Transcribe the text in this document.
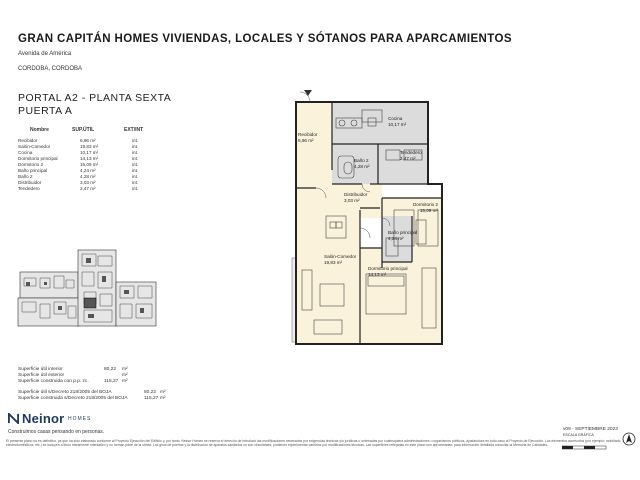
GRAN CAPITÁN HOMES VIVIENDAS, LOCALES Y SÓTANOS PARA APARCAMIENTOS
Avenida de América
CORDOBA, CORDOBA
PORTAL A2 - PLANTA SEXTA
PUERTA A
Nombre	SUP.ÚTIL	EXT/INT
Recibidor	6,96 m²	int.
Salón-Comedor	19,83 m²	int.
Cocina	10,17 m²	int.
Dormitorio principal	14,13 m²	int.
Dormitorio 2	15,09 m²	int.
Baño principal	4,24 m²	int.
Baño 2	4,28 m²	int.
Distribuidor	3,03 m²	int.
Tendedero	2,47 m²	int.
Superficie útil interior	80,22 m²
Superficie útil exterior	m²
Superficie construida con p.p. zc.	115,27 m²
Superficie útil s/Decreto 218/2005 del BOJA	80,22 m²
Superficie construida s/Decreto 218/2005 del BOJA	115,27 m²
Neinor HOMES
Construimos casas pensando en personas.
Recibidor
6,96 m²
Cocina
10,17 m²
Baño 2
4,28 m²
Tendedero
2,47 m²
Distribuidor
3,03 m²
Dormitorio 2
15,09 m²
Baño principal
4,24 m²
Salón-Comedor
19,83 m²
Dormitorio principal
14,13 m²
v09 - SEPTIEMBRE 2023
ESCALA GRÁFICA
El presente plano no es definitivo, ya que ha sido elaborado conforme al Proyecto Ejecución del Edificio y, por tanto, Neinor Homes se reserva el derecho de introducir las modificaciones necesarias por exigencias técnicas y/o jurídicas u ordenadas por cualesquiera administraciones u organismos públicos, ajustándose en todo caso al Proyecto de Ejecución. Los elementos accesorios (por ejemplo: mobiliario, electrodomésticos, etc.) se incluyen a título meramente orientativo y no forman parte de la oferta. Los giros de puertas y la distribución de aparatos sanitarios no son vinculantes, pudiendo experimentar cambios por modificaciones técnicas. Las superficies reflejadas en este plano son aproximadas; para información detallada consultar la Memoria de Calidades.
